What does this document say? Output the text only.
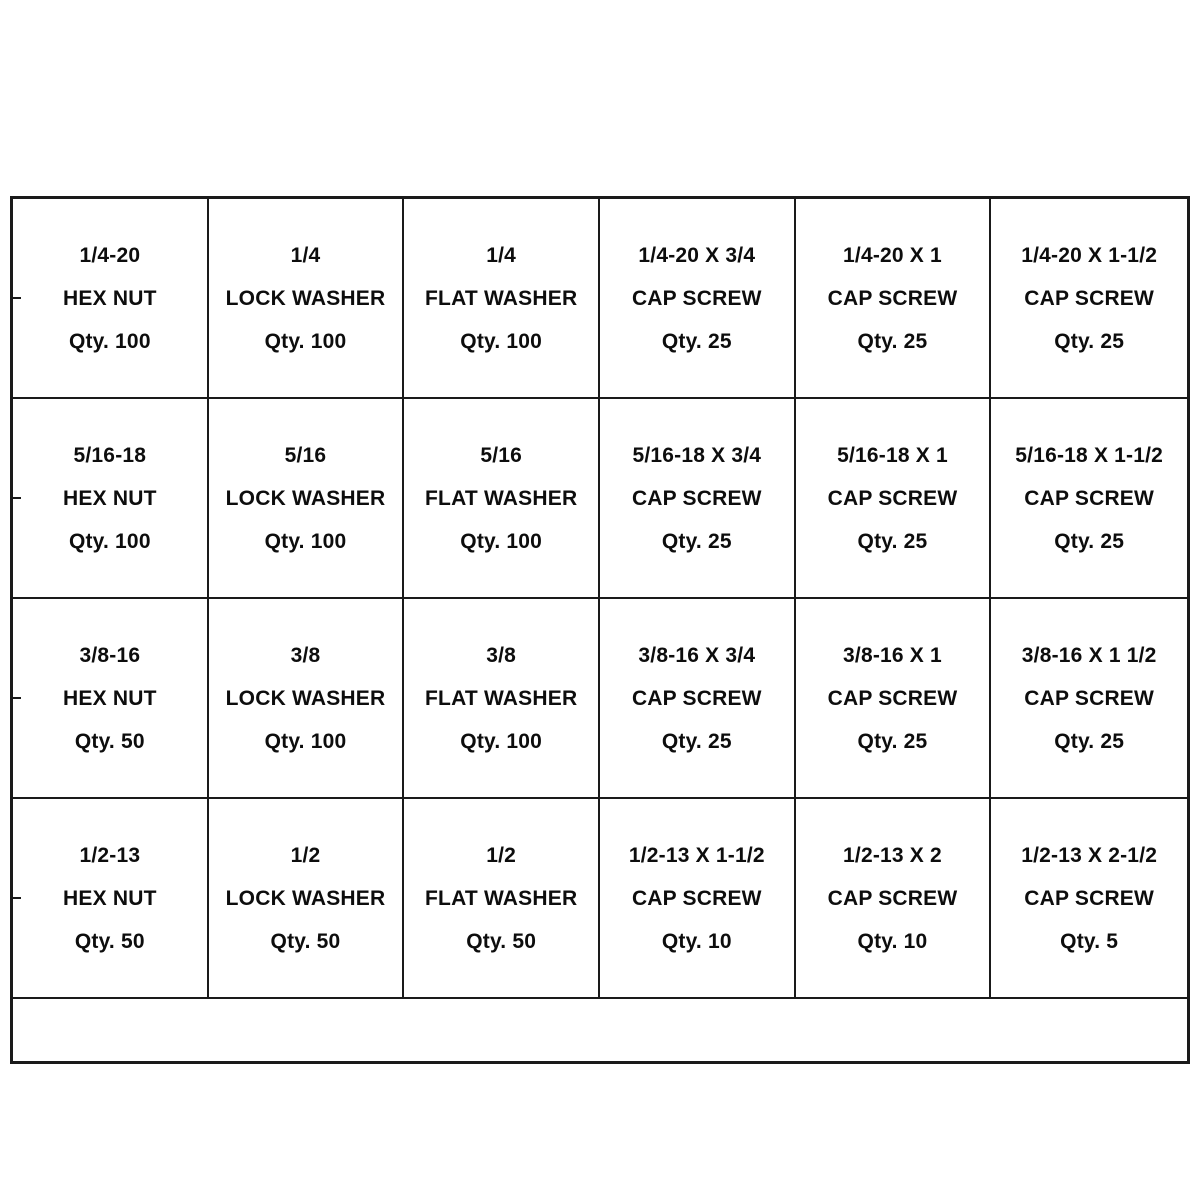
1/4-20
HEX NUT
Qty. 100
1/4
LOCK WASHER
Qty. 100
1/4
FLAT WASHER
Qty. 100
1/4-20 X 3/4
CAP SCREW
Qty. 25
1/4-20 X 1
CAP SCREW
Qty. 25
1/4-20 X 1-1/2
CAP SCREW
Qty. 25
5/16-18
HEX NUT
Qty. 100
5/16
LOCK WASHER
Qty. 100
5/16
FLAT WASHER
Qty. 100
5/16-18 X 3/4
CAP SCREW
Qty. 25
5/16-18 X 1
CAP SCREW
Qty. 25
5/16-18 X 1-1/2
CAP SCREW
Qty. 25
3/8-16
HEX NUT
Qty. 50
3/8
LOCK WASHER
Qty. 100
3/8
FLAT WASHER
Qty. 100
3/8-16 X 3/4
CAP SCREW
Qty. 25
3/8-16 X 1
CAP SCREW
Qty. 25
3/8-16 X 1 1/2
CAP SCREW
Qty. 25
1/2-13
HEX NUT
Qty. 50
1/2
LOCK WASHER
Qty. 50
1/2
FLAT WASHER
Qty. 50
1/2-13 X 1-1/2
CAP SCREW
Qty. 10
1/2-13 X 2
CAP SCREW
Qty. 10
1/2-13 X 2-1/2
CAP SCREW
Qty. 5
